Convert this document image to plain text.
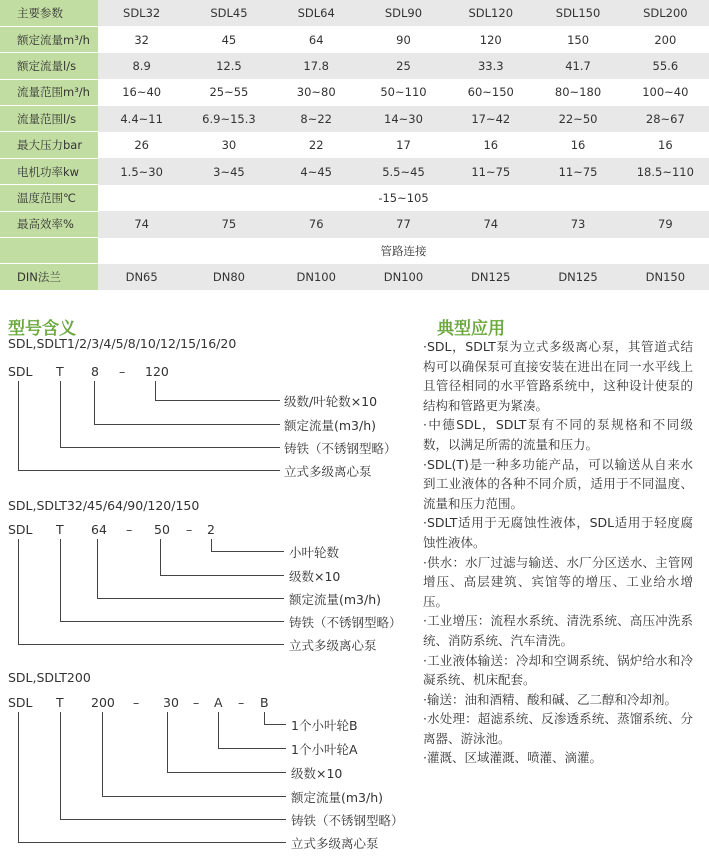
主要参数	SDL32	SDL45	SDL64	SDL90	SDL120	SDL150	SDL200
额定流量m³/h	32	45	64	90	120	150	200
额定流量l/s	8.9	12.5	17.8	25	33.3	41.7	55.6
流量范围m³/h	16~40	25~55	30~80	50~110	60~150	80~180	100~40
流量范围l/s	4.4~11	6.9~15.3	8~22	14~30	17~42	22~50	28~67
最大压力bar	26	30	22	17	16	16	16
电机功率kw	1.5~30	3~45	4~45	5.5~45	11~75	11~75	18.5~110
温度范围℃	-15~105						
最高效率%	74	75	76	77	74	73	79
	管路连接						
DIN法兰	DN65	DN80	DN100	DN100	DN125	DN125	DN150
型号含义
SDL,SDLT1/2/3/4/5/8/10/12/15/16/20
SDL T 8 – 120
级数/叶轮数×10
额定流量(m3/h)
铸铁（不锈钢型略）
立式多级离心泵
SDL,SDLT32/45/64/90/120/150
SDL T 64 – 50 – 2
小叶轮数
级数×10
额定流量(m3/h)
铸铁（不锈钢型略）
立式多级离心泵
SDL,SDLT200
SDL T 200 – 30 – A – B
1个小叶轮B
1个小叶轮A
级数×10
额定流量(m3/h)
铸铁（不锈钢型略）
立式多级离心泵
典型应用

·SDL，SDLT泵为立式多级离心泵，其管道式结构可以确保泵可直接安装在进出在同一水平线上且管径相同的水平管路系统中，这种设计使泵的结构和管路更为紧凑。

·中德SDL，SDLT泵有不同的泵规格和不同级数，以满足所需的流量和压力。

·SDL(T)是一种多功能产品，可以输送从自来水到工业液体的各种不同介质，适用于不同温度、流量和压力范围。

·SDLT适用于无腐蚀性液体，SDL适用于轻度腐蚀性液体。

·供水：水厂过滤与输送、水厂分区送水、主管网增压、高层建筑、宾馆等的增压、工业给水增压。

·工业增压：流程水系统、清洗系统、高压冲洗系统、消防系统、汽车清洗。

·工业液体输送：冷却和空调系统、锅炉给水和冷凝系统、机床配套。

·输送：油和酒精、酸和碱、乙二醇和冷却剂。

·水处理：超滤系统、反渗透系统、蒸馏系统、分离器、游泳池。

·灌溉、区域灌溉、喷灌、滴灌。
